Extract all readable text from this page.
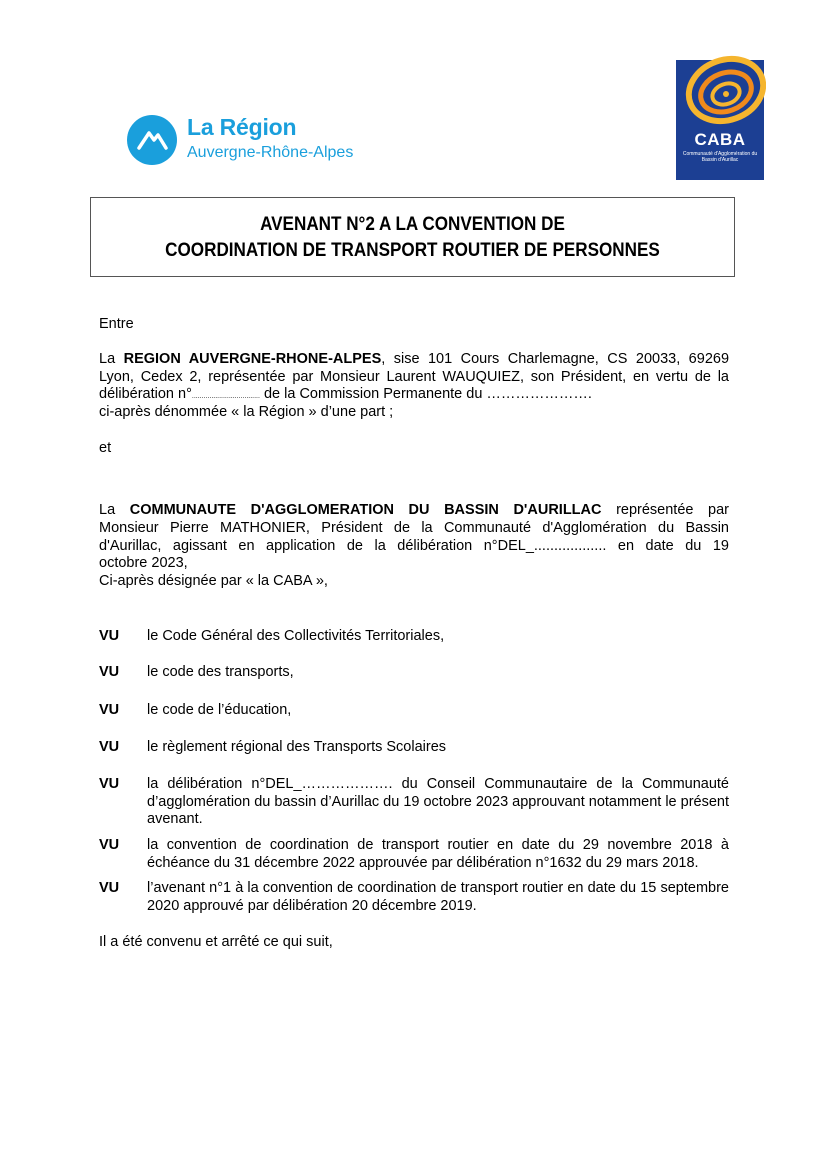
La Région
Auvergne-Rhône-Alpes
CABA
Communauté d'Agglomération du Bassin d'Aurillac
AVENANT N°2 A LA CONVENTION DE
COORDINATION DE TRANSPORT ROUTIER DE PERSONNES
Entre
La REGION AUVERGNE-RHONE-ALPES, sise 101 Cours Charlemagne, CS 20033, 69269
Lyon, Cedex 2, représentée par Monsieur Laurent WAUQUIEZ, son Président, en vertu de la
délibération n°................................... de la Commission Permanente du ………………….
ci-après dénommée « la Région » d’une part ;
et
La COMMUNAUTE D'AGGLOMERATION DU BASSIN D'AURILLAC représentée par
Monsieur Pierre MATHONIER, Président de la Communauté d'Agglomération du Bassin
d'Aurillac, agissant en application de la délibération n°DEL_.................. en date du 19
octobre 2023,
Ci-après désignée par « la CABA »,
VU le Code Général des Collectivités Territoriales,
VU le code des transports,
VU le code de l’éducation,
VU le règlement régional des Transports Scolaires
VU la délibération n°DEL_………………. du Conseil Communautaire de la Communauté d’agglomération du bassin d’Aurillac du 19 octobre 2023 approuvant notamment le présent avenant.
VU la convention de coordination de transport routier en date du 29 novembre 2018 à échéance du 31 décembre 2022 approuvée par délibération n°1632 du 29 mars 2018.
VU l’avenant n°1 à la convention de coordination de transport routier en date du 15 septembre 2020 approuvé par délibération 20 décembre 2019.
Il a été convenu et arrêté ce qui suit,
